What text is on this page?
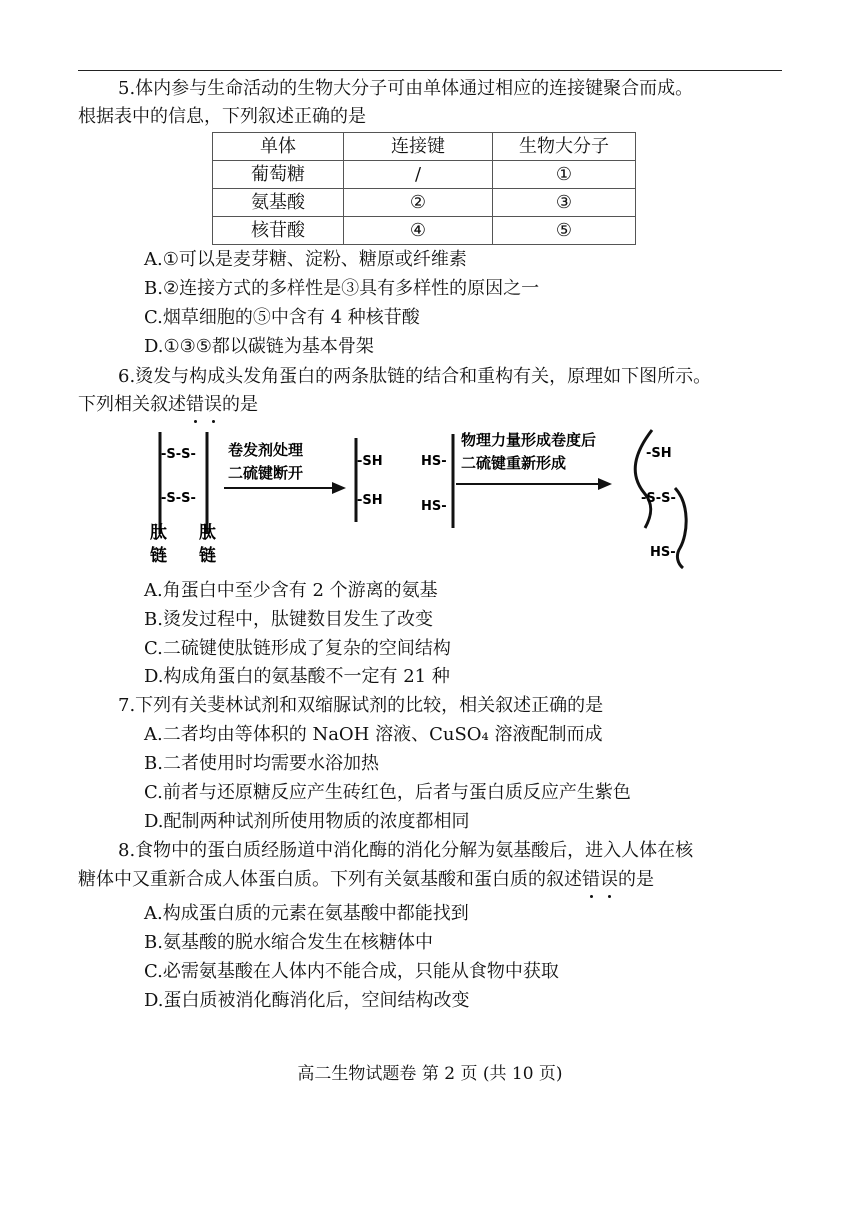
5.体内参与生命活动的生物大分子可由单体通过相应的连接键聚合而成。
根据表中的信息，下列叙述正确的是
单体	连接键	生物大分子
葡萄糖	/	①
氨基酸	②	③
核苷酸	④	⑤
A.①可以是麦芽糖、淀粉、糖原或纤维素
B.②连接方式的多样性是③具有多样性的原因之一
C.烟草细胞的⑤中含有 4 种核苷酸
D.①③⑤都以碳链为基本骨架
6.烫发与构成头发角蛋白的两条肽链的结合和重构有关，原理如下图所示。
下列相关叙述错误的是
-S-S-
-S-S-
肽
链
肽
链
卷发剂处理
二硫键断开
-SH
-SH
HS-
HS-
物理力量形成卷度后
二硫键重新形成
-SH
-S-S-
HS-
A.角蛋白中至少含有 2 个游离的氨基
B.烫发过程中，肽键数目发生了改变
C.二硫键使肽链形成了复杂的空间结构
D.构成角蛋白的氨基酸不一定有 21 种
7.下列有关斐林试剂和双缩脲试剂的比较，相关叙述正确的是
A.二者均由等体积的 NaOH 溶液、CuSO₄ 溶液配制而成
B.二者使用时均需要水浴加热
C.前者与还原糖反应产生砖红色，后者与蛋白质反应产生紫色
D.配制两种试剂所使用物质的浓度都相同
8.食物中的蛋白质经肠道中消化酶的消化分解为氨基酸后，进入人体在核
糖体中又重新合成人体蛋白质。下列有关氨基酸和蛋白质的叙述错误的是
A.构成蛋白质的元素在氨基酸中都能找到
B.氨基酸的脱水缩合发生在核糖体中
C.必需氨基酸在人体内不能合成，只能从食物中获取
D.蛋白质被消化酶消化后，空间结构改变
高二生物试题卷 第 2 页 (共 10 页)
